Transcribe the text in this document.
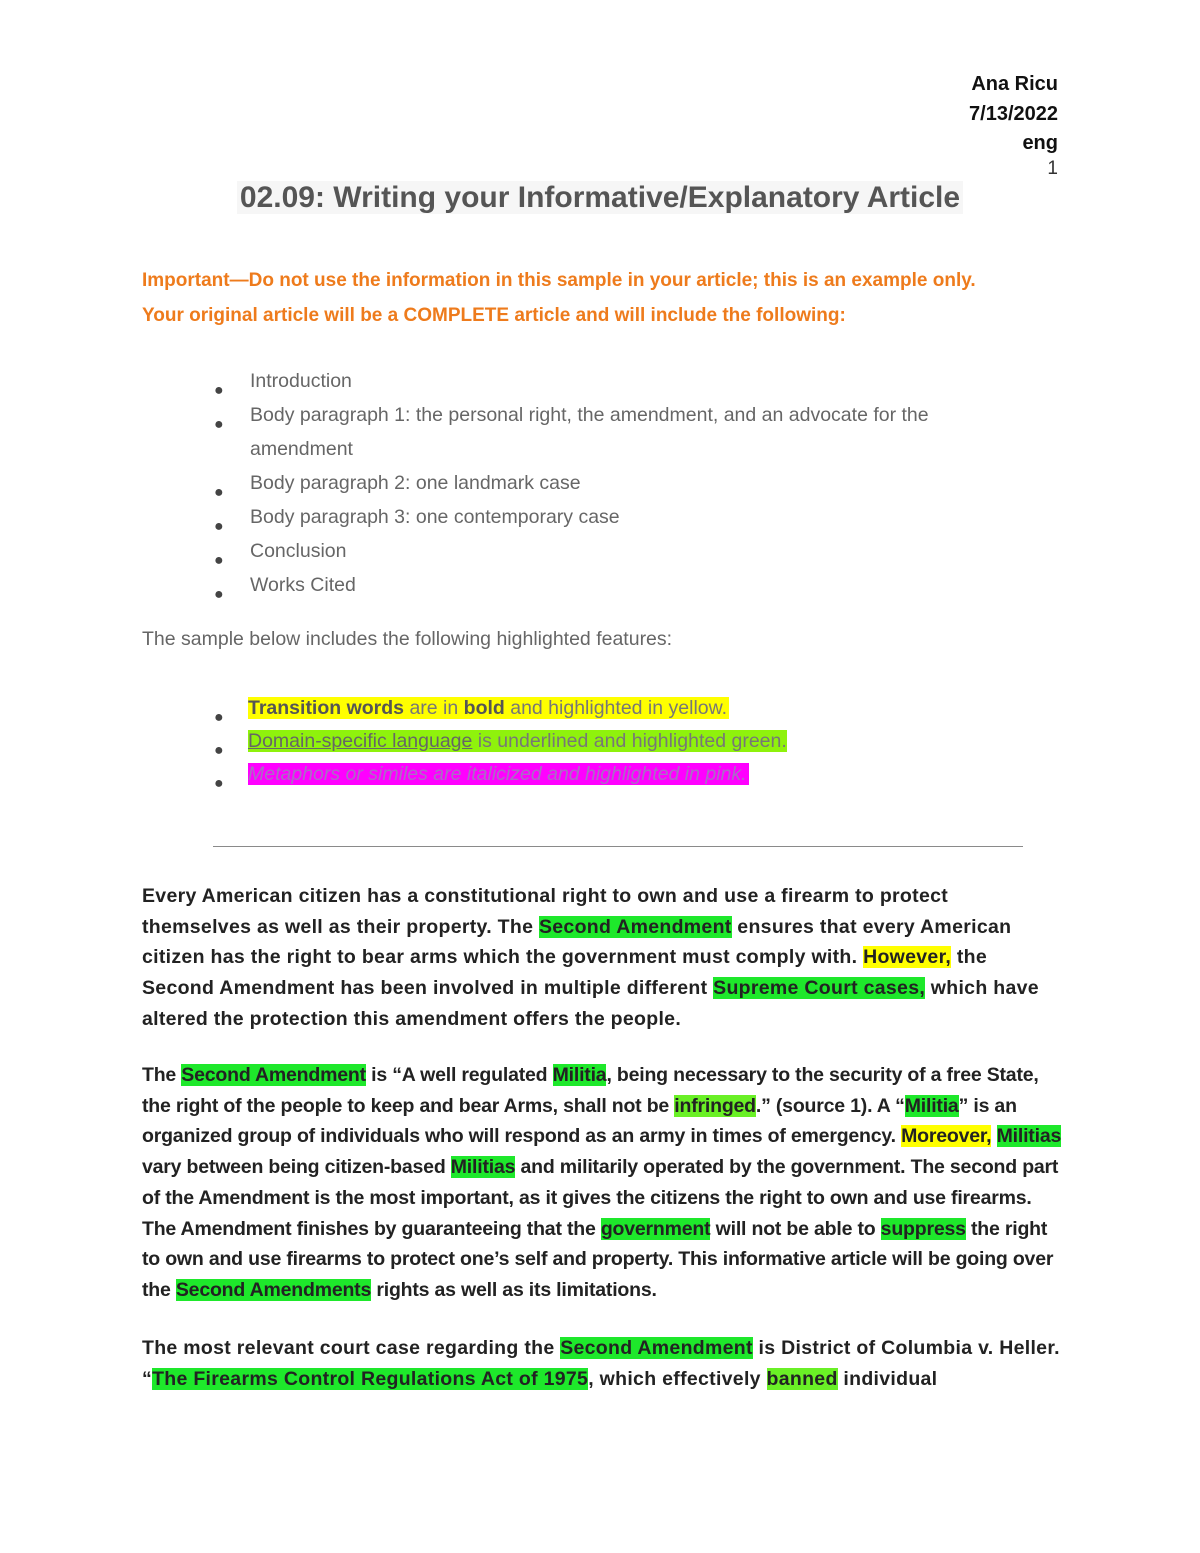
Ana Ricu
7/13/2022
eng
1
02.09: Writing your Informative/Explanatory Article
Important—Do not use the information in this sample in your article; this is an example only.
Your original article will be a COMPLETE article and will include the following:
● Introduction
● Body paragraph 1: the personal right, the amendment, and an advocate for the
amendment
● Body paragraph 2: one landmark case
● Body paragraph 3: one contemporary case
● Conclusion
● Works Cited
The sample below includes the following highlighted features:
● Transition words are in bold and highlighted in yellow.
● Domain-specific language is underlined and highlighted green.
● Metaphors or similes are italicized and highlighted in pink.

Every American citizen has a constitutional right to own and use a firearm to protect themselves as well as their property. The Second Amendment ensures that every American citizen has the right to bear arms which the government must comply with. However, the Second Amendment has been involved in multiple different Supreme Court cases, which have altered the protection this amendment offers the people.

The Second Amendment is “A well regulated Militia, being necessary to the security of a free State, the right of the people to keep and bear Arms, shall not be infringed.” (source 1). A “Militia” is an organized group of individuals who will respond as an army in times of emergency. Moreover, Militias vary between being citizen-based Militias and militarily operated by the government. The second part of the Amendment is the most important, as it gives the citizens the right to own and use firearms. The Amendment finishes by guaranteeing that the government will not be able to suppress the right to own and use firearms to protect one’s self and property. This informative article will be going over the Second Amendments rights as well as its limitations.

The most relevant court case regarding the Second Amendment is District of Columbia v. Heller. “The Firearms Control Regulations Act of 1975, which effectively banned individual
